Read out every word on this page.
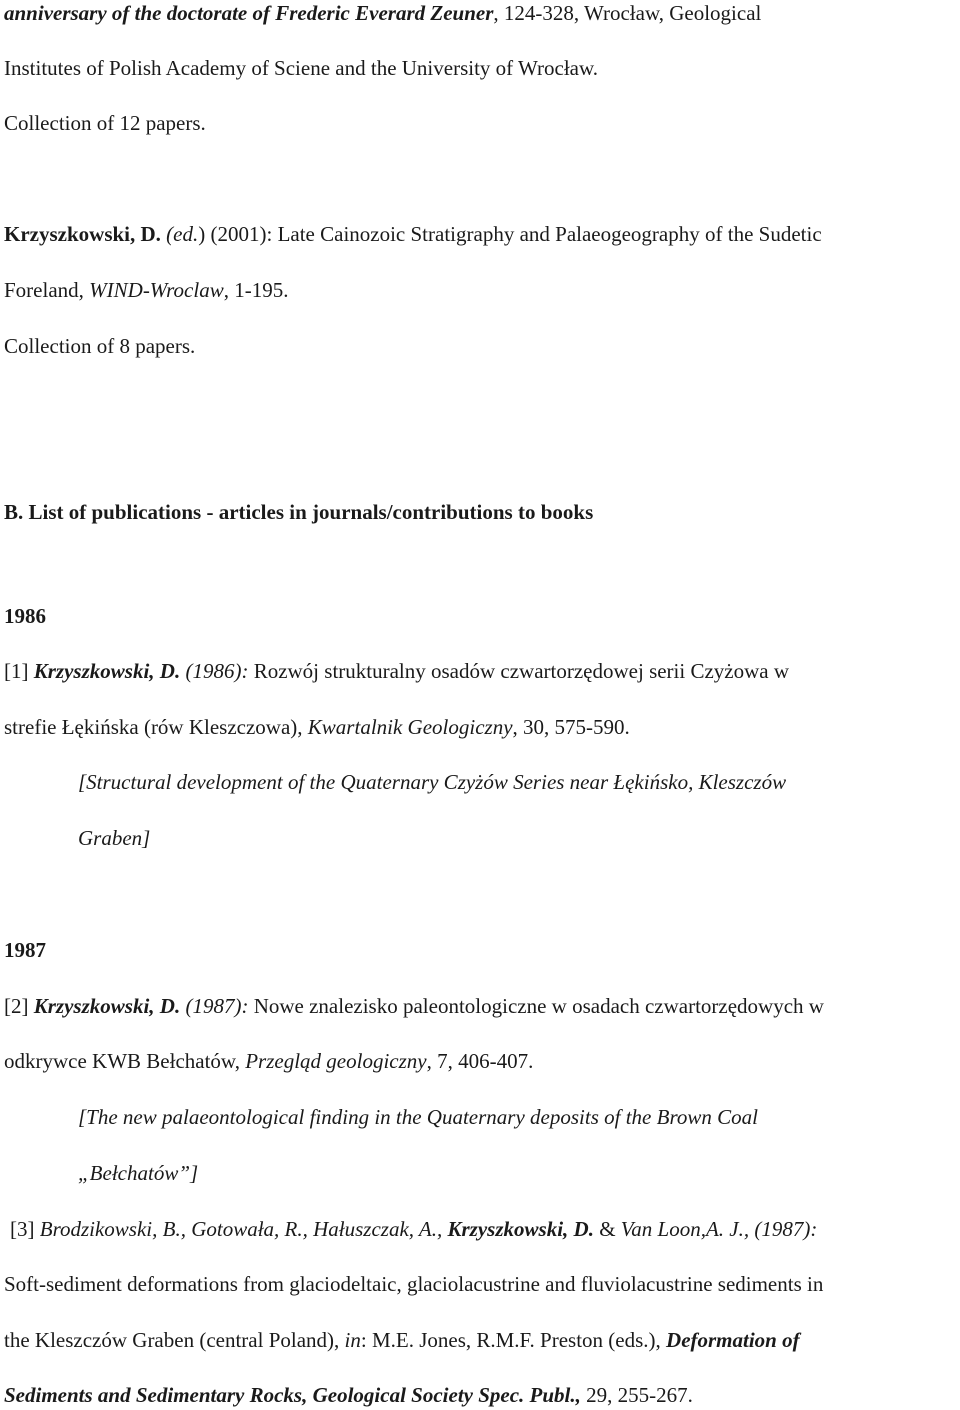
anniversary of the doctorate of Frederic Everard Zeuner, 124-328, Wrocław, Geological
Institutes of Polish Academy of Sciene and the University of Wrocław.
Collection of 12 papers.
Krzyszkowski, D. (ed.) (2001): Late Cainozoic Stratigraphy and Palaeogeography of the Sudetic
Foreland, WIND-Wroclaw, 1-195.
Collection of 8 papers.
B. List of publications - articles in journals/contributions to books
1986
[1] Krzyszkowski, D. (1986): Rozwój strukturalny osadów czwartorzędowej serii Czyżowa w
strefie Łękińska (rów Kleszczowa), Kwartalnik Geologiczny, 30, 575-590.
[Structural development of the Quaternary Czyżów Series near Łękińsko, Kleszczów
Graben]
1987
[2] Krzyszkowski, D. (1987): Nowe znalezisko paleontologiczne w osadach czwartorzędowych w
odkrywce KWB Bełchatów, Przegląd geologiczny, 7, 406-407.
[The new palaeontological finding in the Quaternary deposits of the Brown Coal
„Bełchatów”]
[3] Brodzikowski, B., Gotowała, R., Hałuszczak, A., Krzyszkowski, D. & Van Loon,A. J., (1987):
Soft-sediment deformations from glaciodeltaic, glaciolacustrine and fluviolacustrine sediments in
the Kleszczów Graben (central Poland), in: M.E. Jones, R.M.F. Preston (eds.), Deformation of
Sediments and Sedimentary Rocks, Geological Society Spec. Publ., 29, 255-267.
